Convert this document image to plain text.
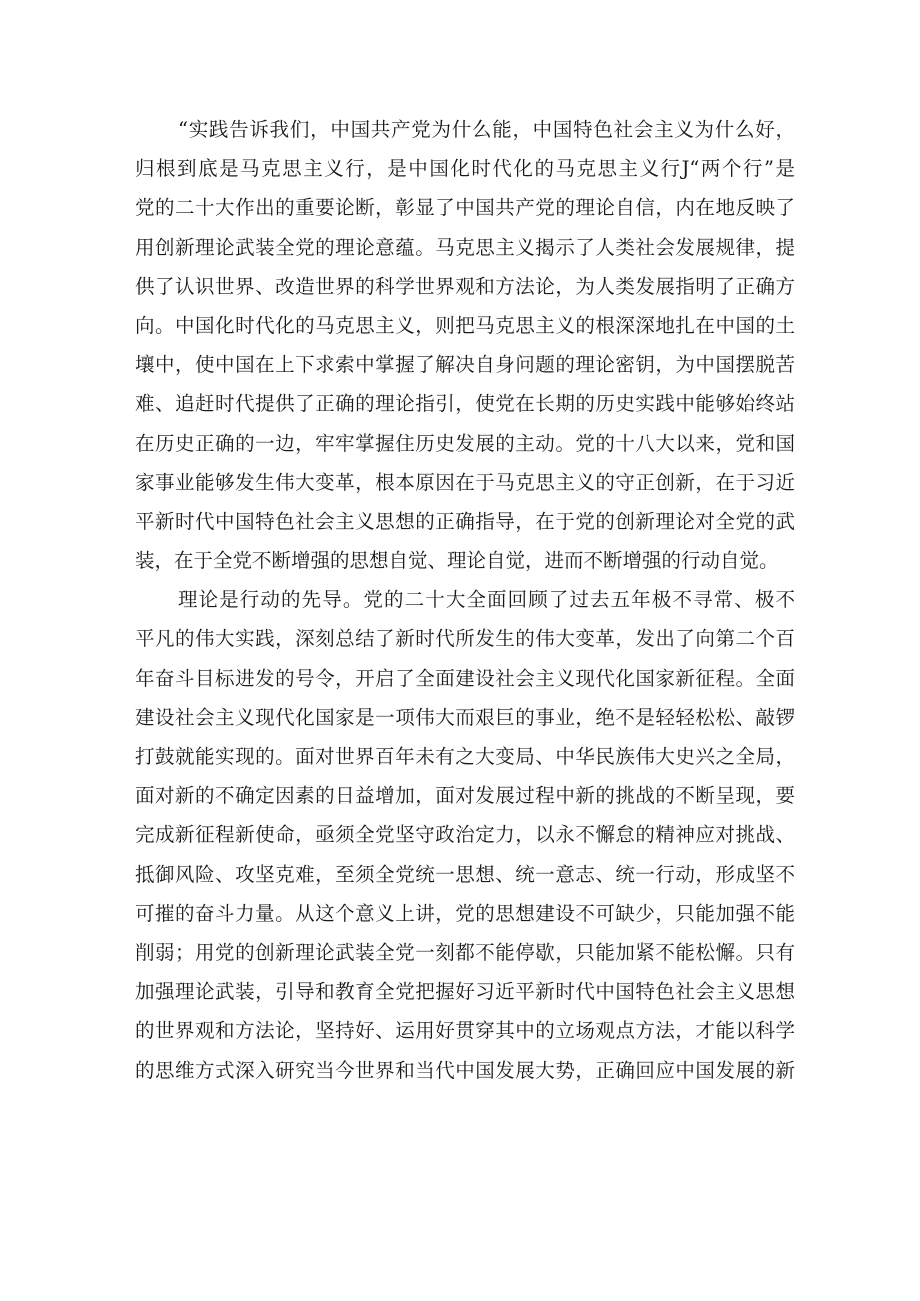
“实践告诉我们，中国共产党为什么能，中国特色社会主义为什么好，
归根到底是马克思主义行，是中国化时代化的马克思主义行J“两个行”是
党的二十大作出的重要论断，彰显了中国共产党的理论自信，内在地反映了
用创新理论武装全党的理论意蕴。马克思主义揭示了人类社会发展规律，提
供了认识世界、改造世界的科学世界观和方法论，为人类发展指明了正确方
向。中国化时代化的马克思主义，则把马克思主义的根深深地扎在中国的土
壤中，使中国在上下求索中掌握了解决自身问题的理论密钥，为中国摆脱苦
难、追赶时代提供了正确的理论指引，使党在长期的历史实践中能够始终站
在历史正确的一边，牢牢掌握住历史发展的主动。党的十八大以来，党和国
家事业能够发生伟大变革，根本原因在于马克思主义的守正创新，在于习近
平新时代中国特色社会主义思想的正确指导，在于党的创新理论对全党的武
装，在于全党不断增强的思想自觉、理论自觉，进而不断增强的行动自觉。
理论是行动的先导。党的二十大全面回顾了过去五年极不寻常、极不
平凡的伟大实践，深刻总结了新时代所发生的伟大变革，发出了向第二个百
年奋斗目标进发的号令，开启了全面建设社会主义现代化国家新征程。全面
建设社会主义现代化国家是一项伟大而艰巨的事业，绝不是轻轻松松、敲锣
打鼓就能实现的。面对世界百年未有之大变局、中华民族伟大史兴之全局，
面对新的不确定因素的日益增加，面对发展过程中新的挑战的不断呈现，要
完成新征程新使命，亟须全党坚守政治定力，以永不懈怠的精神应对挑战、
抵御风险、攻坚克难，至须全党统一思想、统一意志、统一行动，形成坚不
可摧的奋斗力量。从这个意义上讲，党的思想建设不可缺少，只能加强不能
削弱；用党的创新理论武装全党一刻都不能停歇，只能加紧不能松懈。只有
加强理论武装，引导和教育全党把握好习近平新时代中国特色社会主义思想
的世界观和方法论，坚持好、运用好贯穿其中的立场观点方法，才能以科学
的思维方式深入研究当今世界和当代中国发展大势，正确回应中国发展的新
